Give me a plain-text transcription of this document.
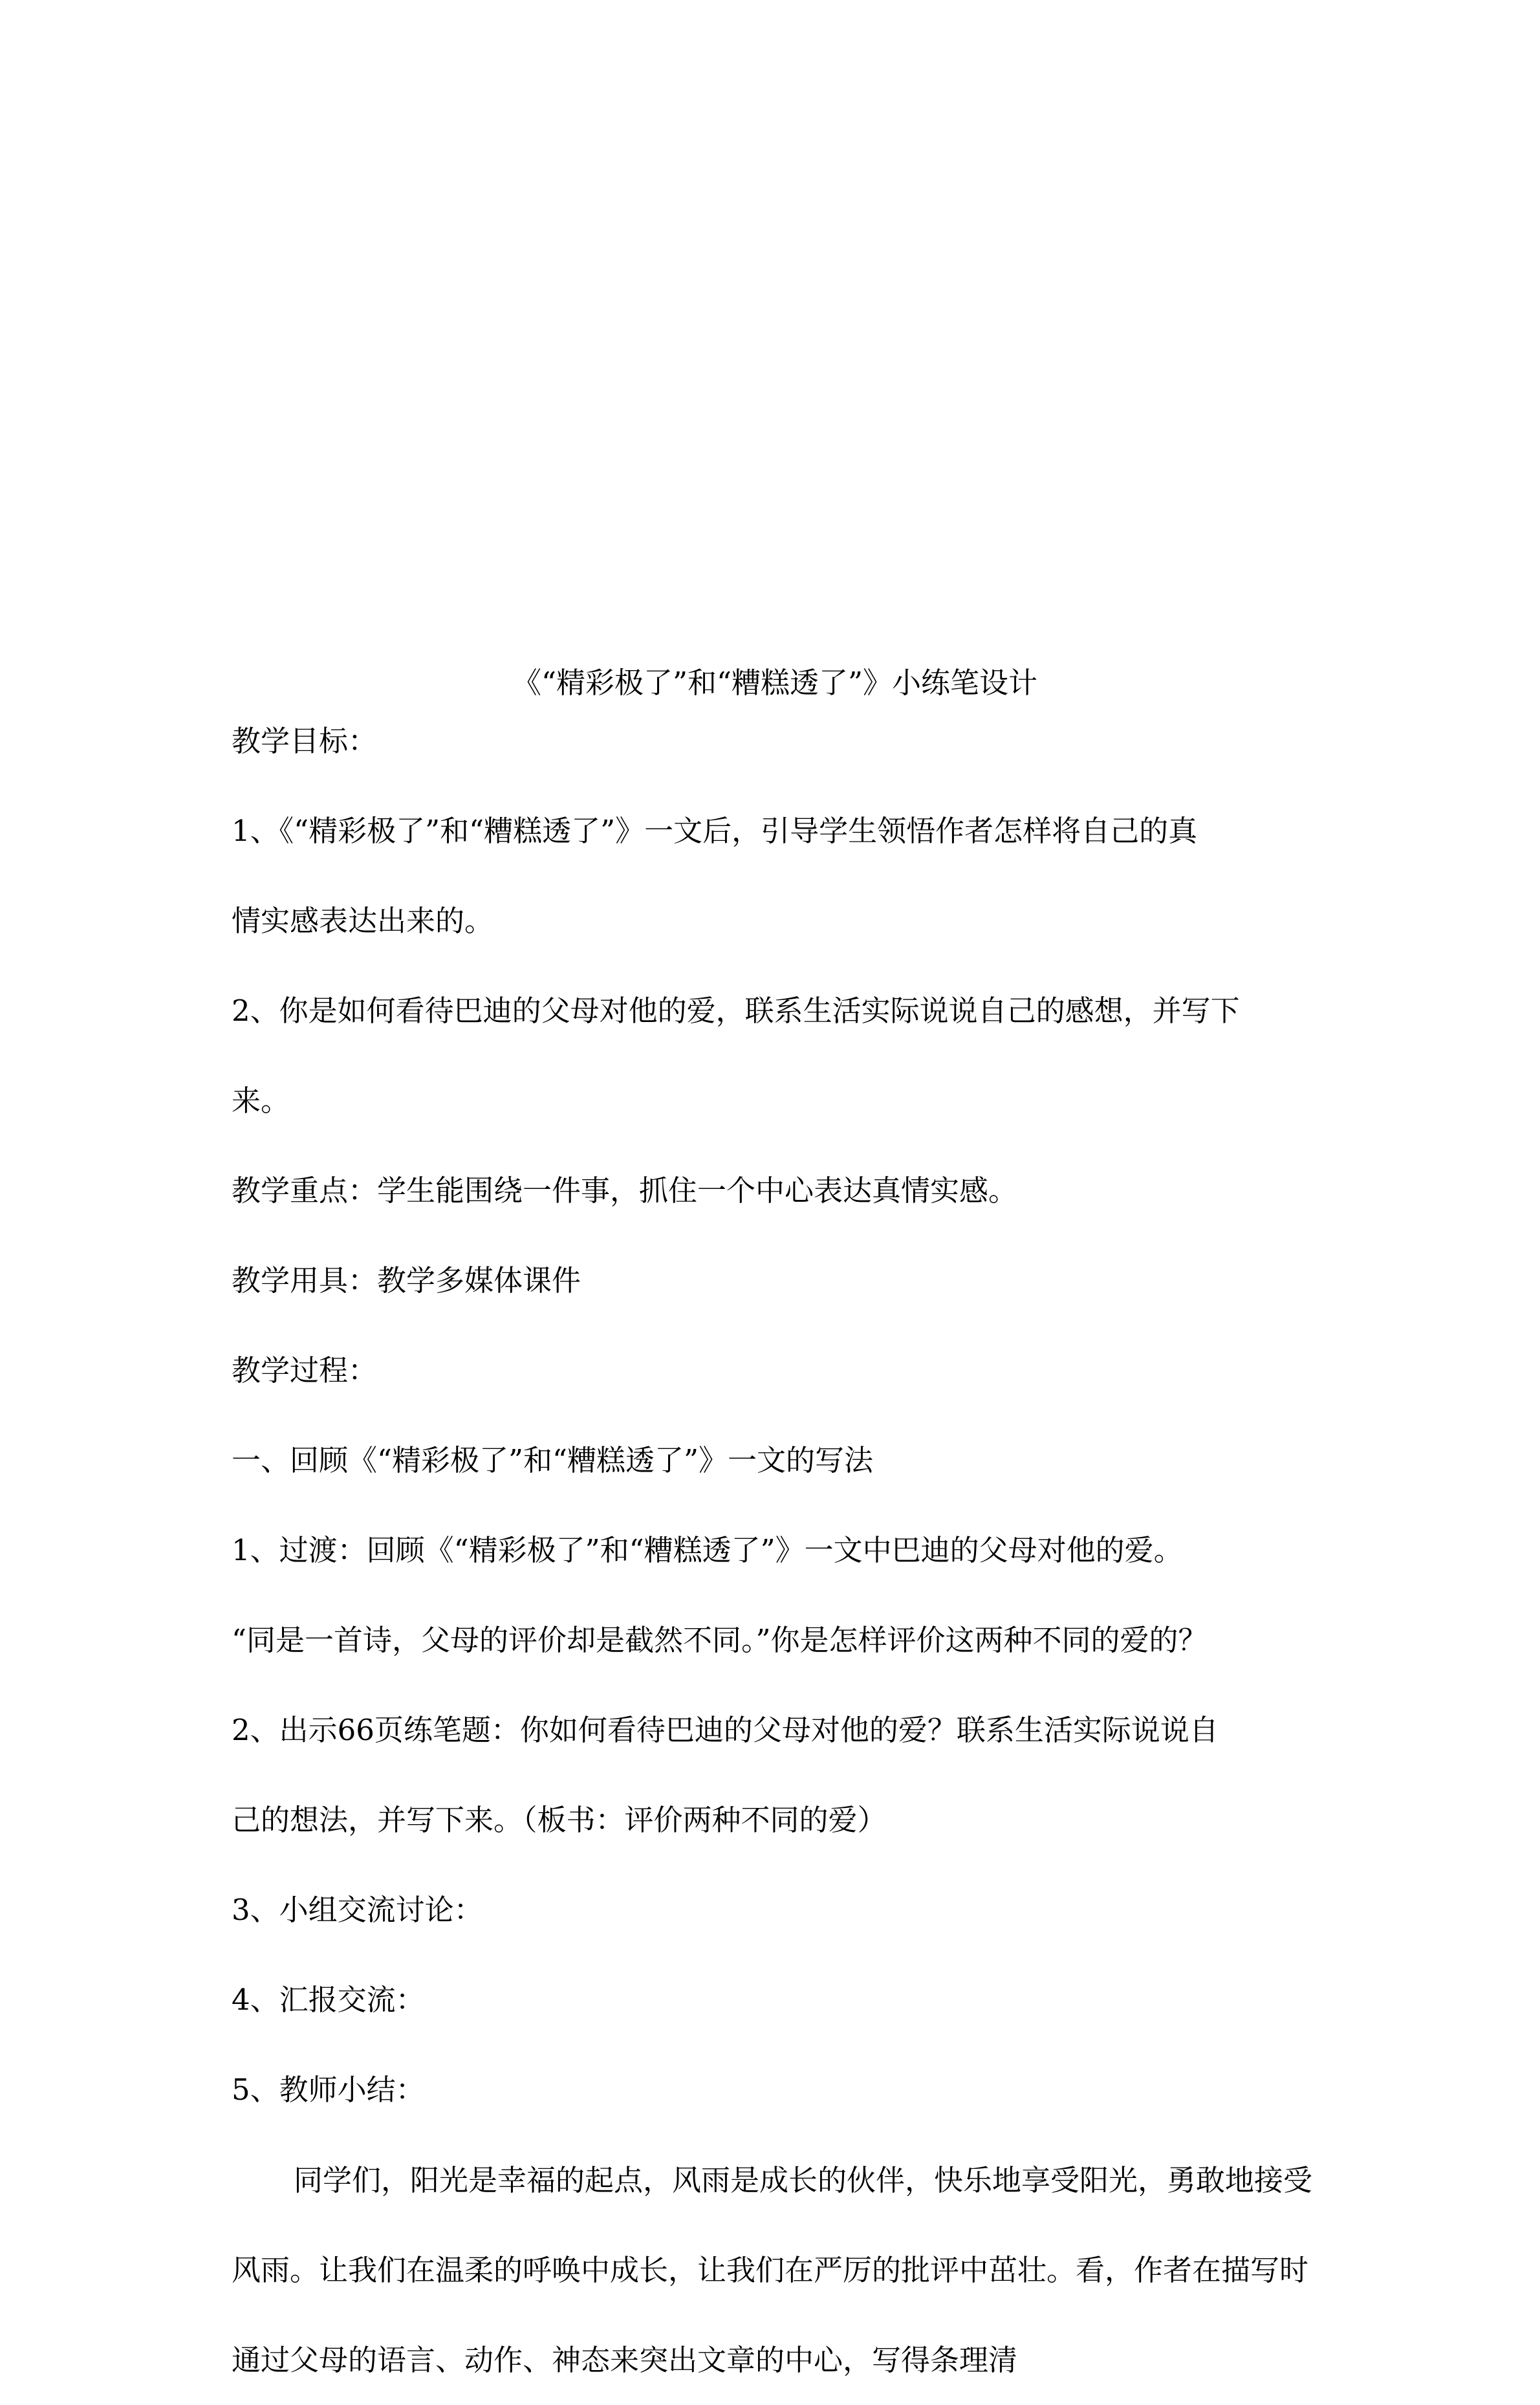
《“精彩极了”和“糟糕透了”》小练笔设计
教学目标：
1、《“精彩极了”和“糟糕透了”》一文后，引导学生领悟作者怎样将自己的真
情实感表达出来的。
2、你是如何看待巴迪的父母对他的爱，联系生活实际说说自己的感想，并写下
来。
教学重点：学生能围绕一件事，抓住一个中心表达真情实感。
教学用具：教学多媒体课件
教学过程：
一、回顾《“精彩极了”和“糟糕透了”》一文的写法
1、过渡：回顾《“精彩极了”和“糟糕透了”》一文中巴迪的父母对他的爱。
“同是一首诗，父母的评价却是截然不同。”你是怎样评价这两种不同的爱的？
2、出示66页练笔题：你如何看待巴迪的父母对他的爱？联系生活实际说说自
己的想法，并写下来。（板书：评价两种不同的爱）
3、小组交流讨论：
4、汇报交流：
5、教师小结：
同学们，阳光是幸福的起点，风雨是成长的伙伴，快乐地享受阳光，勇敢地接受风雨。让我们在温柔的呼唤中成长，让我们在严厉的批评中茁壮。看，作者在描写时通过父母的语言、动作、神态来突出文章的中心，写得条理清
